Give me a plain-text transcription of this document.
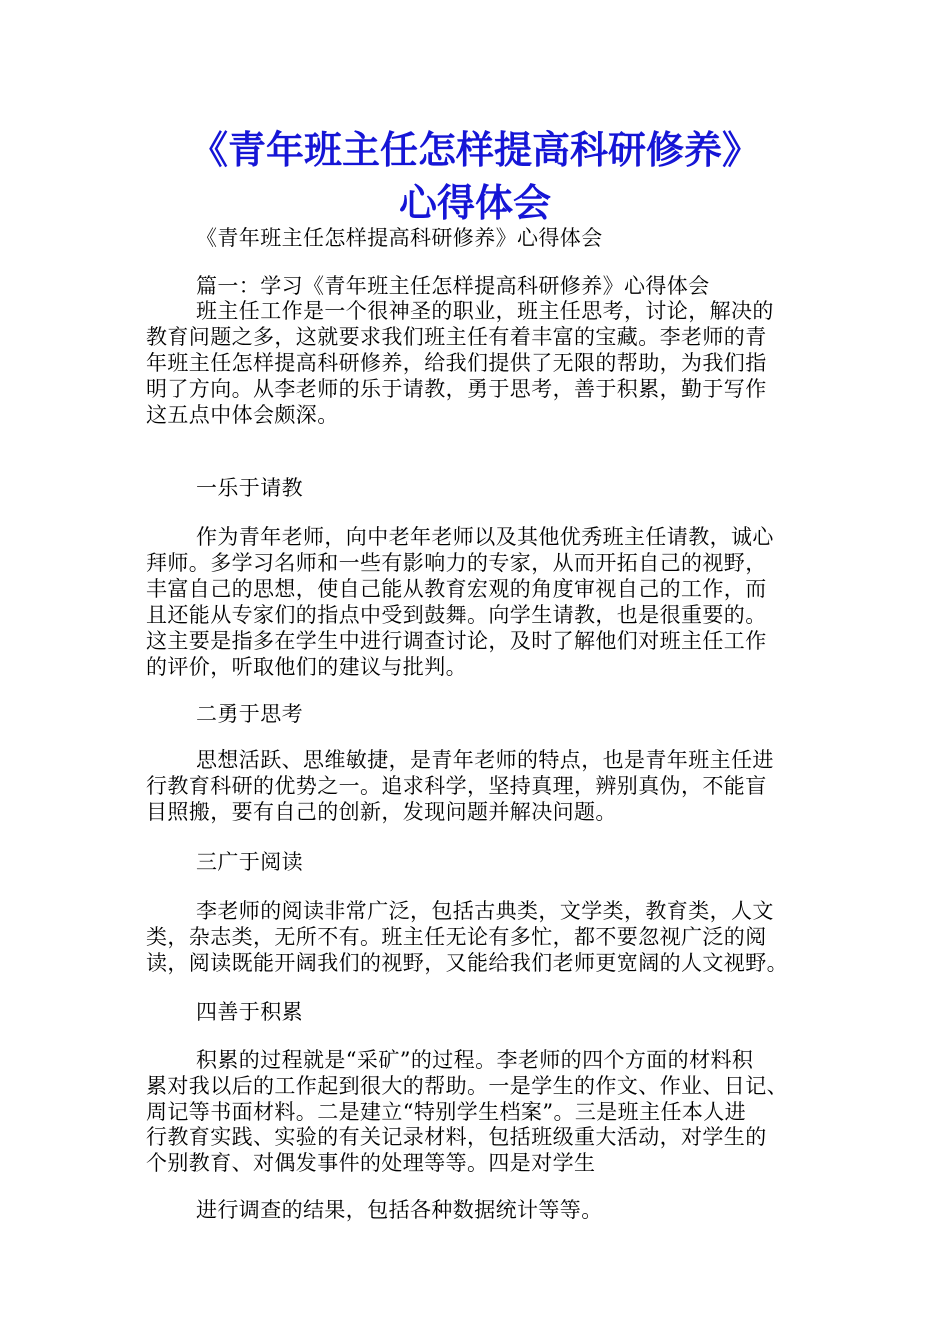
《青年班主任怎样提高科研修养》
心得体会
《青年班主任怎样提高科研修养》心得体会
篇一：学习《青年班主任怎样提高科研修养》心得体会
班主任工作是一个很神圣的职业，班主任思考，讨论，解决的
教育问题之多，这就要求我们班主任有着丰富的宝藏。李老师的青
年班主任怎样提高科研修养，给我们提供了无限的帮助，为我们指
明了方向。从李老师的乐于请教，勇于思考，善于积累，勤于写作
这五点中体会颇深。
一乐于请教
作为青年老师，向中老年老师以及其他优秀班主任请教，诚心
拜师。多学习名师和一些有影响力的专家，从而开拓自己的视野，
丰富自己的思想，使自己能从教育宏观的角度审视自己的工作，而
且还能从专家们的指点中受到鼓舞。向学生请教，也是很重要的。
这主要是指多在学生中进行调查讨论，及时了解他们对班主任工作
的评价，听取他们的建议与批判。
二勇于思考
思想活跃、思维敏捷，是青年老师的特点，也是青年班主任进
行教育科研的优势之一。追求科学，坚持真理，辨别真伪，不能盲
目照搬，要有自己的创新，发现问题并解决问题。
三广于阅读
李老师的阅读非常广泛，包括古典类，文学类，教育类，人文
类，杂志类，无所不有。班主任无论有多忙，都不要忽视广泛的阅
读，阅读既能开阔我们的视野，又能给我们老师更宽阔的人文视野。
四善于积累
积累的过程就是“采矿”的过程。李老师的四个方面的材料积
累对我以后的工作起到很大的帮助。一是学生的作文、作业、日记、
周记等书面材料。二是建立“特别学生档案”。三是班主任本人进
行教育实践、实验的有关记录材料，包括班级重大活动，对学生的
个别教育、对偶发事件的处理等等。四是对学生
进行调查的结果，包括各种数据统计等等。
